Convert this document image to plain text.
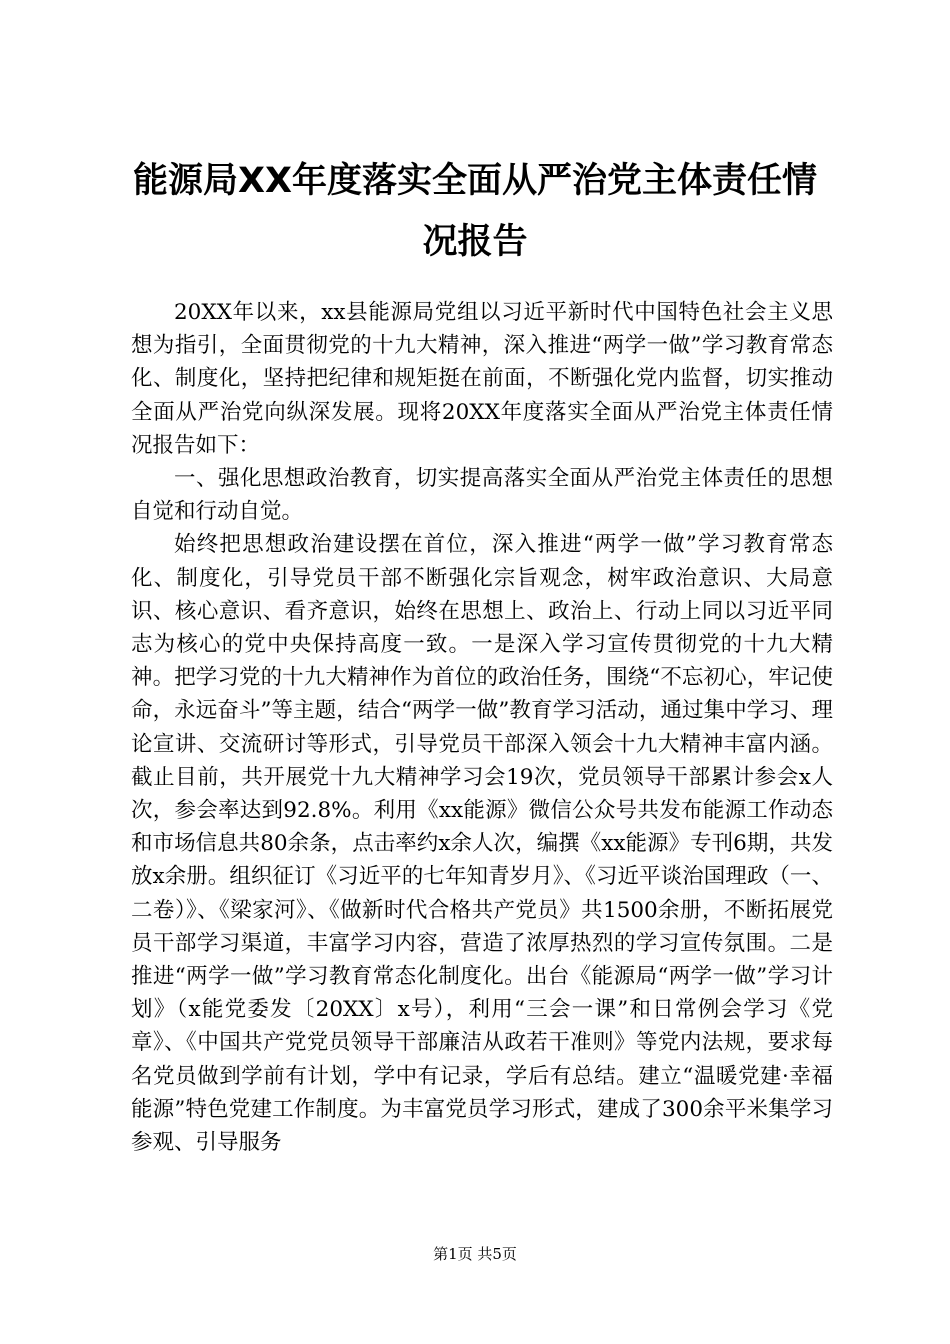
能源局XX年度落实全面从严治党主体责任情
况报告

20XX年以来，xx县能源局党组以习近平新时代中国特色社会主义思想为指引，全面贯彻党的十九大精神，深入推进“两学一做”学习教育常态化、制度化，坚持把纪律和规矩挺在前面，不断强化党内监督，切实推动全面从严治党向纵深发展。现将20XX年度落实全面从严治党主体责任情况报告如下：

一、强化思想政治教育，切实提高落实全面从严治党主体责任的思想自觉和行动自觉。

始终把思想政治建设摆在首位，深入推进“两学一做”学习教育常态化、制度化，引导党员干部不断强化宗旨观念，树牢政治意识、大局意识、核心意识、看齐意识，始终在思想上、政治上、行动上同以习近平同志为核心的党中央保持高度一致。一是深入学习宣传贯彻党的十九大精神。把学习党的十九大精神作为首位的政治任务，围绕“不忘初心，牢记使命，永远奋斗”等主题，结合“两学一做”教育学习活动，通过集中学习、理论宣讲、交流研讨等形式，引导党员干部深入领会十九大精神丰富内涵。截止目前，共开展党十九大精神学习会19次，党员领导干部累计参会x人次，参会率达到92.8%。利用《xx能源》微信公众号共发布能源工作动态和市场信息共80余条，点击率约x余人次，编撰《xx能源》专刊6期，共发放x余册。组织征订《习近平的七年知青岁月》、《习近平谈治国理政（一、二卷）》、《梁家河》、《做新时代合格共产党员》共1500余册，不断拓展党员干部学习渠道，丰富学习内容，营造了浓厚热烈的学习宣传氛围。二是推进“两学一做”学习教育常态化制度化。出台《能源局“两学一做”学习计划》（x能党委发〔20XX〕x号），利用“三会一课”和日常例会学习《党章》、《中国共产党党员领导干部廉洁从政若干准则》等党内法规，要求每名党员做到学前有计划，学中有记录，学后有总结。建立“温暖党建·幸福能源”特色党建工作制度。为丰富党员学习形式，建成了300余平米集学习参观、引导服务

第1页 共5页
